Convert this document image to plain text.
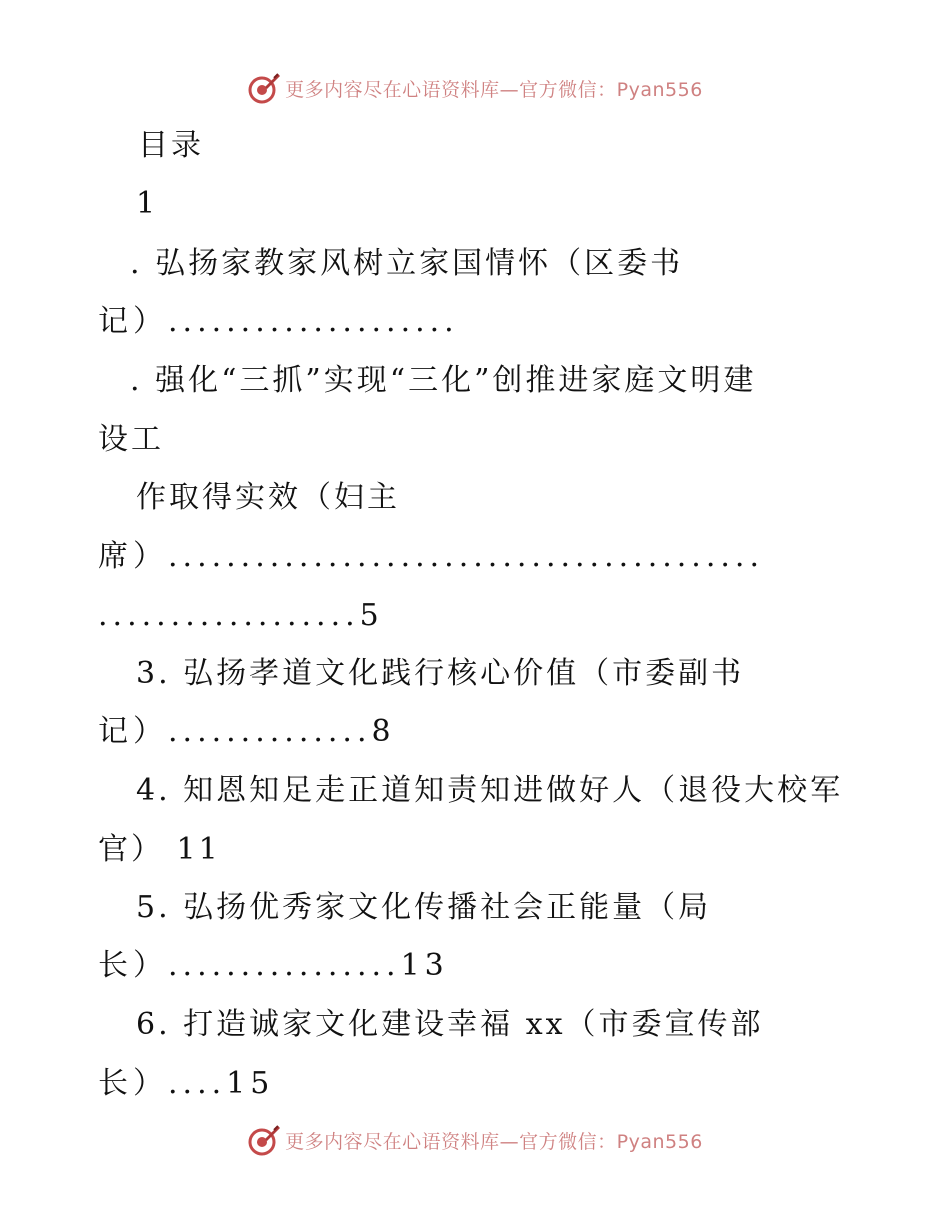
更多内容尽在心语资料库—官方微信：Pyan556
目录
1
. 弘扬家教家风树立家国情怀（区委书
记）....................
. 强化“三抓”实现“三化”创推进家庭文明建
设工
作取得实效（妇主
席）.........................................
..................5
3. 弘扬孝道文化践行核心价值（市委副书
记）..............8
4. 知恩知足走正道知责知进做好人（退役大校军
官） 11
5. 弘扬优秀家文化传播社会正能量（局
长）................13
6. 打造诚家文化建设幸福 xx（市委宣传部
长）....15
更多内容尽在心语资料库—官方微信：Pyan556
